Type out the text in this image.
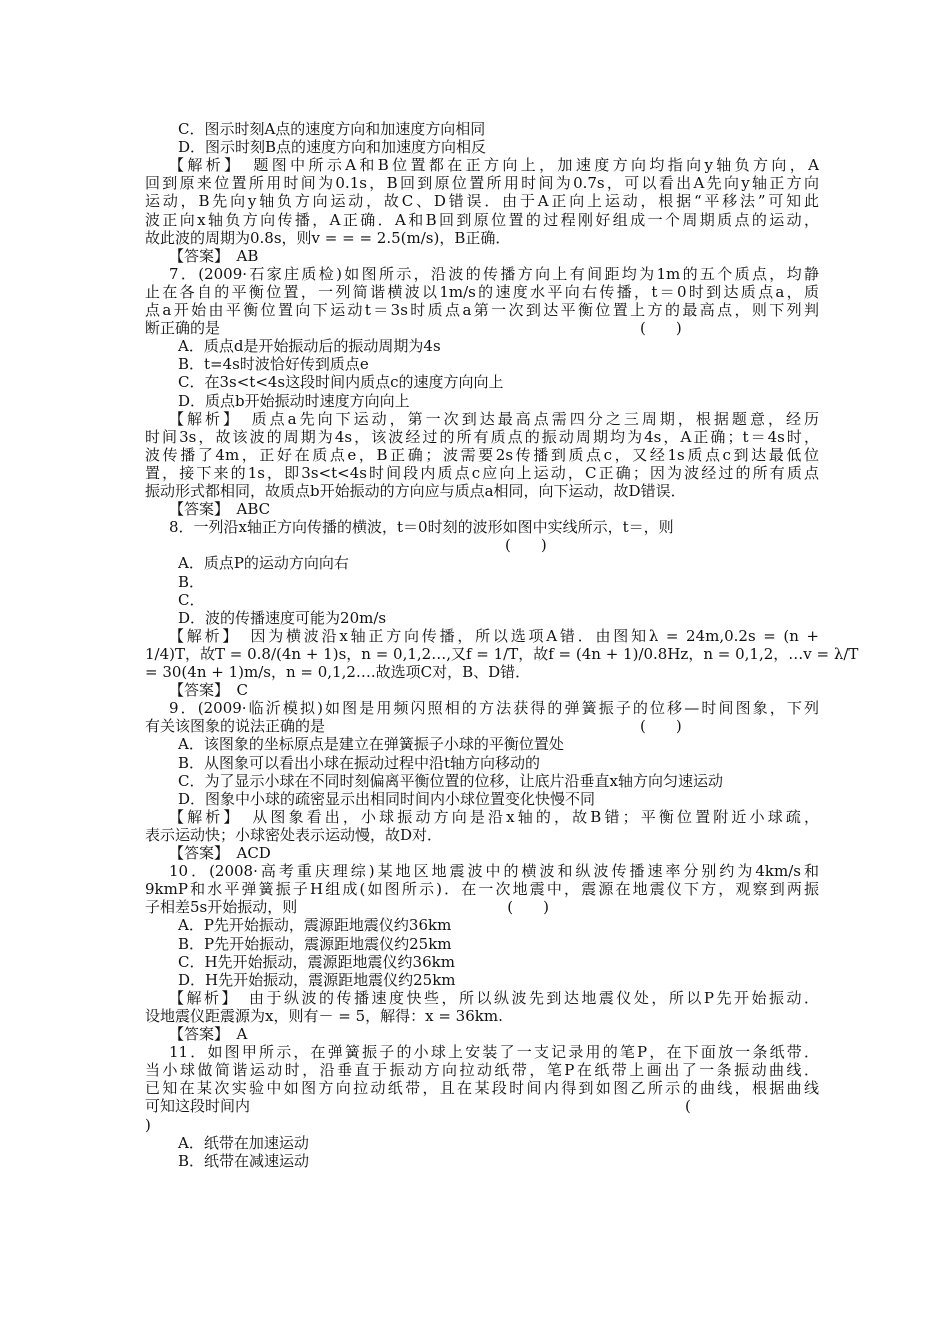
C．图示时刻A点的速度方向和加速度方向相同
D．图示时刻B点的速度方向和加速度方向相反
【解析】　题图中所示A和B位置都在正方向上，加速度方向均指向y轴负方向，A
回到原来位置所用时间为0.1s，B回到原位置所用时间为0.7s，可以看出A先向y轴正方向
运动，B先向y轴负方向运动，故C、D错误．由于A正向上运动，根据“平移法”可知此
波正向x轴负方向传播，A正确．A和B回到原位置的过程刚好组成一个周期质点的运动，
故此波的周期为0.8s，则v = = = 2.5(m/s)，B正确．
【答案】　AB
7．(2009·石家庄质检)如图所示，沿波的传播方向上有间距均为1m的五个质点，均静
止在各自的平衡位置，一列简谐横波以1m/s的速度水平向右传播，t＝0时到达质点a，质
点a开始由平衡位置向下运动t＝3s时质点a第一次到达平衡位置上方的最高点，则下列判
断正确的是　　　　　　　　　　　　　　　　　　　　　　　　　　　　(　　)
A．质点d是开始振动后的振动周期为4s
B．t=4s时波恰好传到质点e
C．在3s<t<4s这段时间内质点c的速度方向向上
D．质点b开始振动时速度方向向上
【解析】　质点a先向下运动，第一次到达最高点需四分之三周期，根据题意，经历
时间3s，故该波的周期为4s，该波经过的所有质点的振动周期均为4s，A正确；t＝4s时，
波传播了4m，正好在质点e，B正确；波需要2s传播到质点c，又经1s质点c到达最低位
置，接下来的1s，即3s<t<4s时间段内质点c应向上运动，C正确；因为波经过的所有质点
振动形式都相同，故质点b开始振动的方向应与质点a相同，向下运动，故D错误．
【答案】　ABC
8．一列沿x轴正方向传播的横波，t＝0时刻的波形如图中实线所示，t＝，则
　　　　　　　　　　　　　　　　　　　　　　　　(　　)
A．质点P的运动方向向右
B．
C．
D．波的传播速度可能为20m/s
【解析】　因为横波沿x轴正方向传播，所以选项A错．由图知λ = 24m,0.2s = (n +
1/4)T，故T = 0.8/(4n + 1)s，n = 0,1,2…,又f = 1/T，故f = (4n + 1)/0.8Hz，n = 0,1,2，…v = λ/T
= 30(4n + 1)m/s，n = 0,1,2….故选项C对，B、D错．
【答案】　C
9．(2009·临沂模拟)如图是用频闪照相的方法获得的弹簧振子的位移—时间图象，下列
有关该图象的说法正确的是　　　　　　　　　　　　　　　　　　　　　(　　)
A．该图象的坐标原点是建立在弹簧振子小球的平衡位置处
B．从图象可以看出小球在振动过程中沿t轴方向移动的
C．为了显示小球在不同时刻偏离平衡位置的位移，让底片沿垂直x轴方向匀速运动
D．图象中小球的疏密显示出相同时间内小球位置变化快慢不同
【解析】　从图象看出，小球振动方向是沿x轴的，故B错；平衡位置附近小球疏，
表示运动快；小球密处表示运动慢，故D对．
【答案】　ACD
10．(2008·高考重庆理综)某地区地震波中的横波和纵波传播速率分别约为4km/s和
9kmP和水平弹簧振子H组成(如图所示)．在一次地震中，震源在地震仪下方，观察到两振
子相差5s开始振动，则　　　　　　　　　　　　　　(　　)
A．P先开始振动，震源距地震仪约36km
B．P先开始振动，震源距地震仪约25km
C．H先开始振动，震源距地震仪约36km
D．H先开始振动，震源距地震仪约25km
【解析】　由于纵波的传播速度快些，所以纵波先到达地震仪处，所以P先开始振动．
设地震仪距震源为x，则有－ = 5，解得：x = 36km.
【答案】　A
11．如图甲所示，在弹簧振子的小球上安装了一支记录用的笔P，在下面放一条纸带．
当小球做简谐运动时，沿垂直于振动方向拉动纸带，笔P在纸带上画出了一条振动曲线．
已知在某次实验中如图方向拉动纸带，且在某段时间内得到如图乙所示的曲线，根据曲线
可知这段时间内　　　　　　　　　　　　　　　　　　　　　　　　　　　　　(
)
A．纸带在加速运动
B．纸带在减速运动
